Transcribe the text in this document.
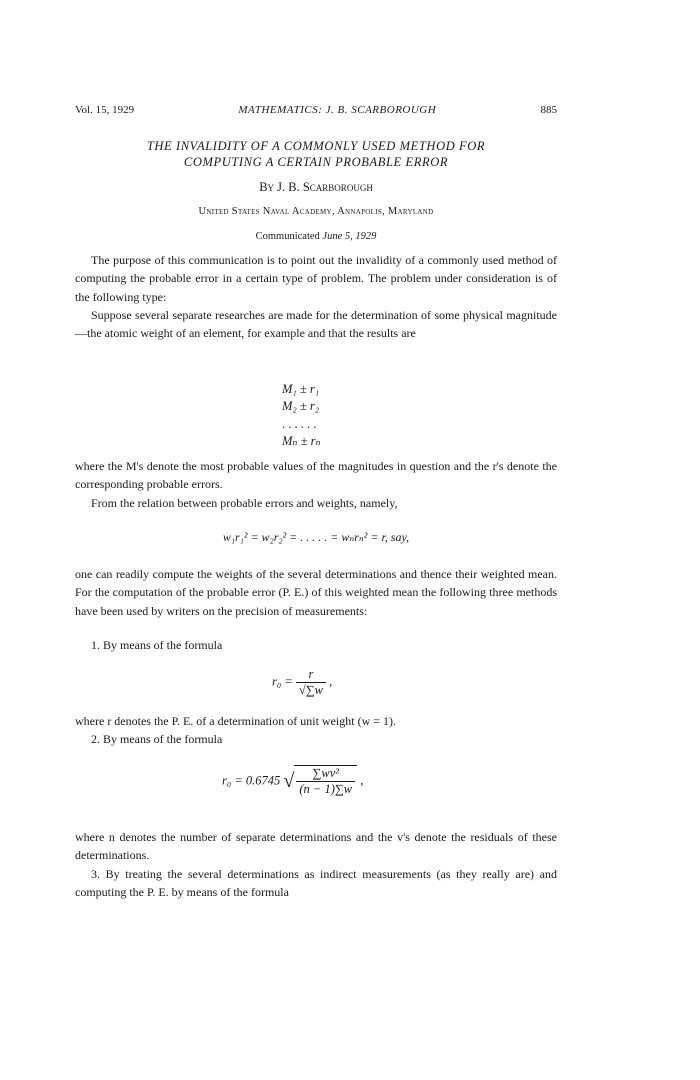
Vol. 15, 1929	MATHEMATICS: J. B. SCARBOROUGH	885
THE INVALIDITY OF A COMMONLY USED METHOD FOR
COMPUTING A CERTAIN PROBABLE ERROR
By J. B. Scarborough
United States Naval Academy, Annapolis, Maryland
Communicated June 5, 1929

The purpose of this communication is to point out the invalidity of a commonly used method of computing the probable error in a certain type of problem. The problem under consideration is of the following type:

Suppose several separate researches are made for the determination of some physical magnitude—the atomic weight of an element, for example and that the results are

M₁ ± r₁
M₂ ± r₂
. . . . . .
Mₙ ± rₙ

where the M's denote the most probable values of the magnitudes in question and the r's denote the corresponding probable errors.

From the relation between probable errors and weights, namely,

w₁r₁² = w₂r₂² = . . . . . = wₙrₙ² = r, say,

one can readily compute the weights of the several determinations and thence their weighted mean. For the computation of the probable error (P. E.) of this weighted mean the following three methods have been used by writers on the precision of measurements:

1. By means of the formula
$r_0 = \frac{r}{√\sum w}$ ,

where r denotes the P. E. of a determination of unit weight (w = 1).

2. By means of the formula
r₀ = 0.6745 √ $\frac{\text{∑wv²}}{(n - 1)\sum w}$ ,

where n denotes the number of separate determinations and the v's denote the residuals of these determinations.

3. By treating the several determinations as indirect measurements (as they really are) and computing the P. E. by means of the formula
